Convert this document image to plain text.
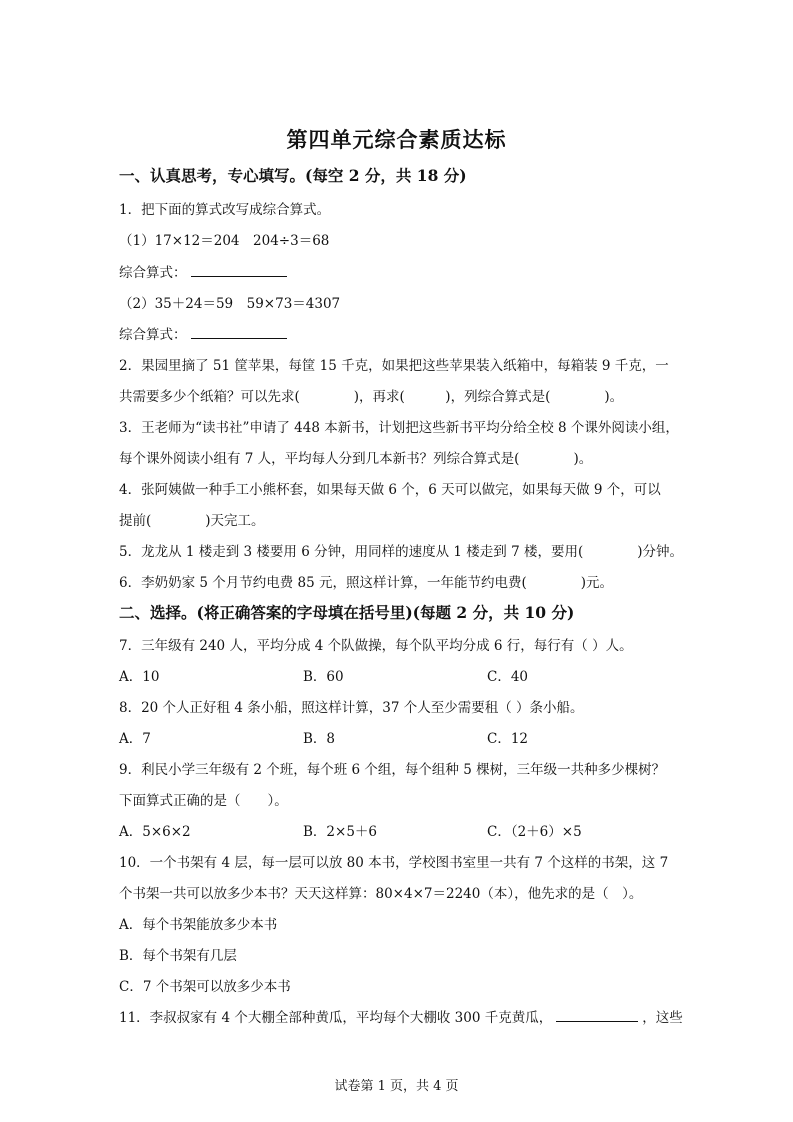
第四单元综合素质达标
一、认真思考，专心填写。(每空 2 分，共 18 分)
1．把下面的算式改写成综合算式。
（1）17×12＝204　204÷3＝68
综合算式：
（2）35＋24＝59　59×73＝4307
综合算式：
2．果园里摘了 51 筐苹果，每筐 15 千克，如果把这些苹果装入纸箱中，每箱装 9 千克，一
共需要多少个纸箱？可以先求(　　　　)，再求(　　　)，列综合算式是(　　　　)。
3．王老师为“读书社”申请了 448 本新书，计划把这些新书平均分给全校 8 个课外阅读小组，
每个课外阅读小组有 7 人，平均每人分到几本新书？列综合算式是(　　　　)。
4．张阿姨做一种手工小熊杯套，如果每天做 6 个，6 天可以做完，如果每天做 9 个，可以
提前(　　　　)天完工。
5．龙龙从 1 楼走到 3 楼要用 6 分钟，用同样的速度从 1 楼走到 7 楼，要用(　　　　)分钟。
6．李奶奶家 5 个月节约电费 85 元，照这样计算，一年能节约电费(　　　　)元。
二、选择。(将正确答案的字母填在括号里)(每题 2 分，共 10 分)
7．三年级有 240 人，平均分成 4 个队做操，每个队平均分成 6 行，每行有（ ）人。
A．10	B．60	C．40
8．20 个人正好租 4 条小船，照这样计算，37 个人至少需要租（ ）条小船。
A．7	B．8	C．12
9．利民小学三年级有 2 个班，每个班 6 个组，每个组种 5 棵树，三年级一共种多少棵树？
下面算式正确的是（　　）。
A．5×6×2	B．2×5＋6	C．（2＋6）×5
10．一个书架有 4 层，每一层可以放 80 本书，学校图书室里一共有 7 个这样的书架，这 7
个书架一共可以放多少本书？天天这样算：80×4×7＝2240（本），他先求的是（　）。
A．每个书架能放多少本书
B．每个书架有几层
C．7 个书架可以放多少本书
11．李叔叔家有 4 个大棚全部种黄瓜，平均每个大棚收 300 千克黄瓜，	，这些
试卷第 1 页，共 4 页
